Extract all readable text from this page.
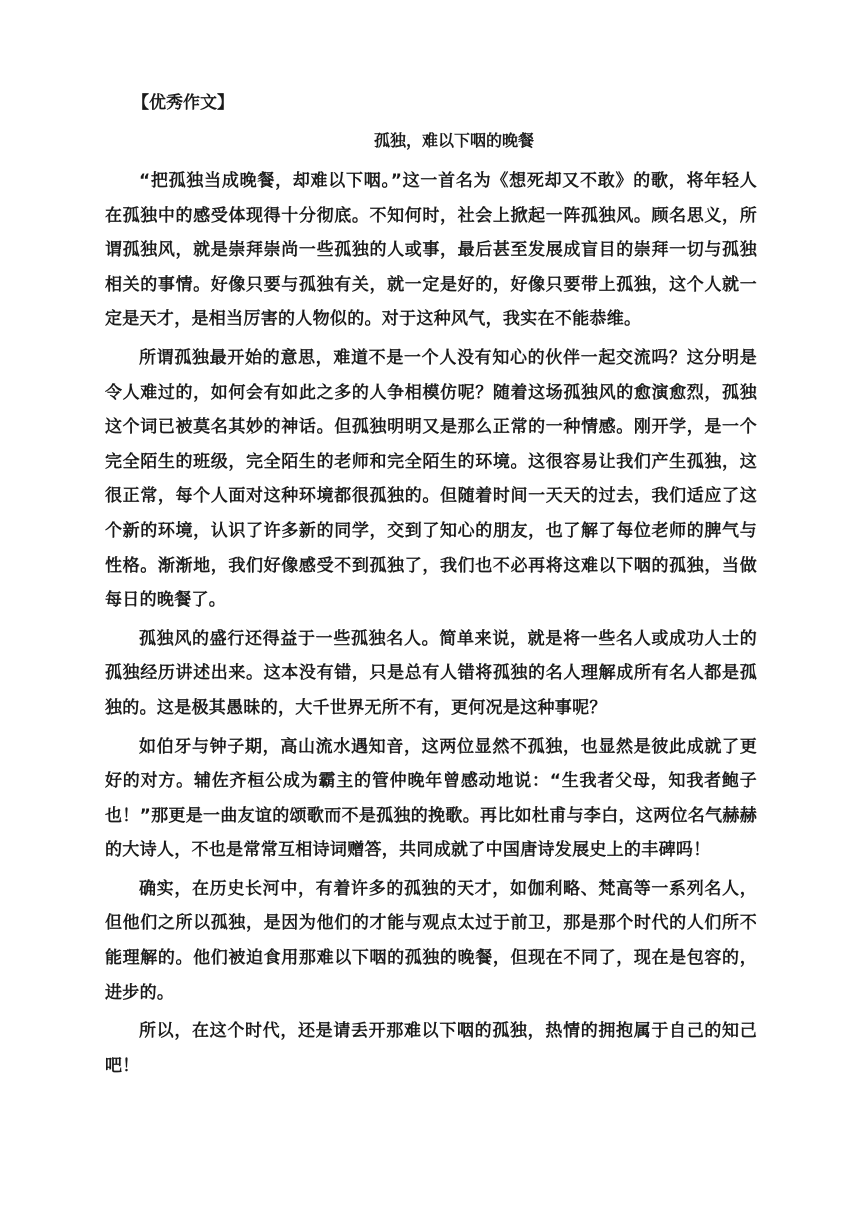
【优秀作文】
孤独，难以下咽的晚餐

“把孤独当成晚餐，却难以下咽。”这一首名为《想死却又不敢》的歌，将年轻人在孤独中的感受体现得十分彻底。不知何时，社会上掀起一阵孤独风。顾名思义，所谓孤独风，就是崇拜崇尚一些孤独的人或事，最后甚至发展成盲目的崇拜一切与孤独相关的事情。好像只要与孤独有关，就一定是好的，好像只要带上孤独，这个人就一定是天才，是相当厉害的人物似的。对于这种风气，我实在不能恭维。

所谓孤独最开始的意思，难道不是一个人没有知心的伙伴一起交流吗？这分明是令人难过的，如何会有如此之多的人争相模仿呢？随着这场孤独风的愈演愈烈，孤独这个词已被莫名其妙的神话。但孤独明明又是那么正常的一种情感。刚开学，是一个完全陌生的班级，完全陌生的老师和完全陌生的环境。这很容易让我们产生孤独，这很正常，每个人面对这种环境都很孤独的。但随着时间一天天的过去，我们适应了这个新的环境，认识了许多新的同学，交到了知心的朋友，也了解了每位老师的脾气与性格。渐渐地，我们好像感受不到孤独了，我们也不必再将这难以下咽的孤独，当做每日的晚餐了。

孤独风的盛行还得益于一些孤独名人。简单来说，就是将一些名人或成功人士的孤独经历讲述出来。这本没有错，只是总有人错将孤独的名人理解成所有名人都是孤独的。这是极其愚昧的，大千世界无所不有，更何况是这种事呢？

如伯牙与钟子期，高山流水遇知音，这两位显然不孤独，也显然是彼此成就了更好的对方。辅佐齐桓公成为霸主的管仲晚年曾感动地说：“生我者父母，知我者鲍子也！”那更是一曲友谊的颂歌而不是孤独的挽歌。再比如杜甫与李白，这两位名气赫赫的大诗人，不也是常常互相诗词赠答，共同成就了中国唐诗发展史上的丰碑吗！

确实，在历史长河中，有着许多的孤独的天才，如伽利略、梵高等一系列名人，但他们之所以孤独，是因为他们的才能与观点太过于前卫，那是那个时代的人们所不能理解的。他们被迫食用那难以下咽的孤独的晚餐，但现在不同了，现在是包容的，进步的。

所以，在这个时代，还是请丢开那难以下咽的孤独，热情的拥抱属于自己的知己吧！
